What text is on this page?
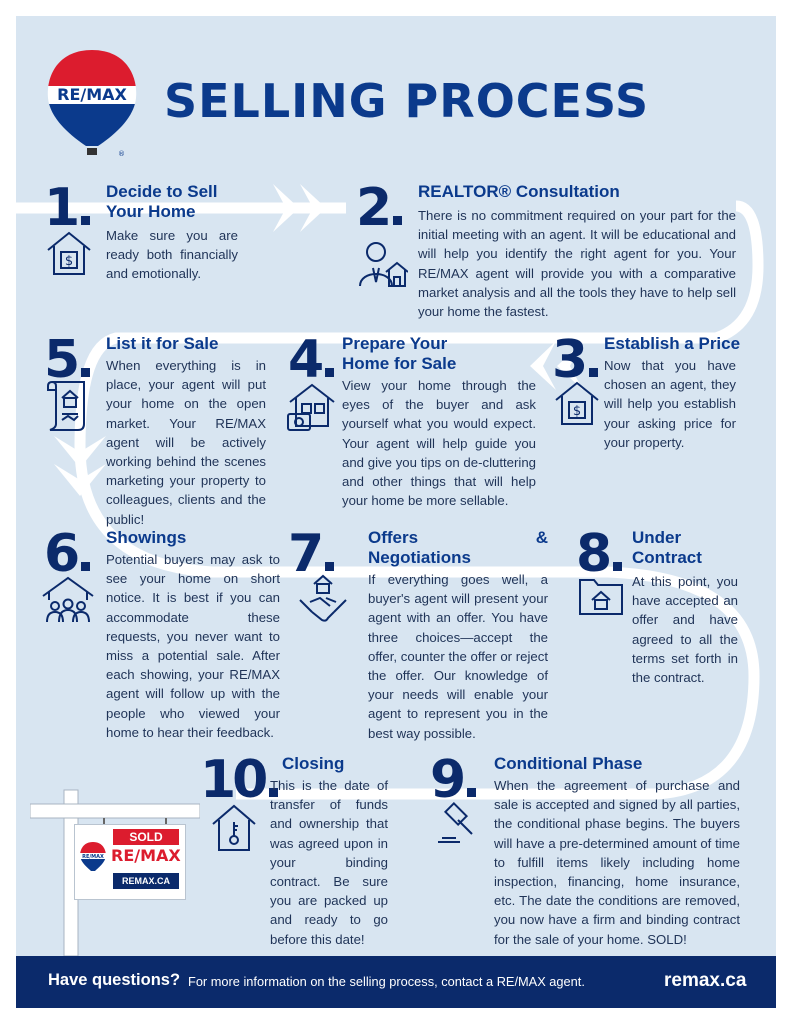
®
RE/MAX SELLING PROCESS
1	Decide to Sell
Your Home
Make sure you are ready both financially and emotionally.
$
2	REALTOR® Consultation
There is no commitment required on your part for the initial meeting with an agent. It will be educational and will help you identify the right agent for you. Your RE/MAX agent will provide you with a comparative market analysis and all the tools they have to help sell your home the fastest.
5	List it for Sale
When everything is in place, your agent will put your home on the open market. Your RE/MAX agent will be actively working behind the scenes marketing your property to colleagues, clients and the public!
4	Prepare Your
Home for Sale
View your home through the eyes of the buyer and ask yourself what you would expect. Your agent will help guide you and give you tips on de-cluttering and other things that will help your home be more sellable.
3	Establish a Price
Now that you have chosen an agent, they will help you establish your asking price for your property.
$
6	Showings
Potential buyers may ask to see your home on short notice. It is best if you can accommodate these requests, you never want to miss a potential sale. After each showing, your RE/MAX agent will follow up with the people who viewed your home to hear their feedback.
7	Offers	&

Negotiations
If everything goes well, a buyer's agent will present your agent with an offer. You have three choices—accept the offer, counter the offer or reject the offer. Our knowledge of your needs will enable your agent to represent you in the best way possible.
8	Under
Contract
At this point, you have accepted an offer and have agreed to all the terms set forth in the contract.
10	Closing
This is the date of transfer of funds and ownership that was agreed upon in your binding contract. Be sure you are packed up and ready to go before this date!
9	Conditional Phase
When the agreement of purchase and sale is accepted and signed by all parties, the conditional phase begins. The buyers will have a pre-determined amount of time to fulfill items likely including home inspection, financing, home insurance, etc. The date the conditions are removed, you now have a firm and binding contract for the sale of your home. SOLD!
SOLD
RE/MAX RE/MAX
REMAX.CA
Have questions? For more information on the selling process, contact a RE/MAX agent.	remax.ca
